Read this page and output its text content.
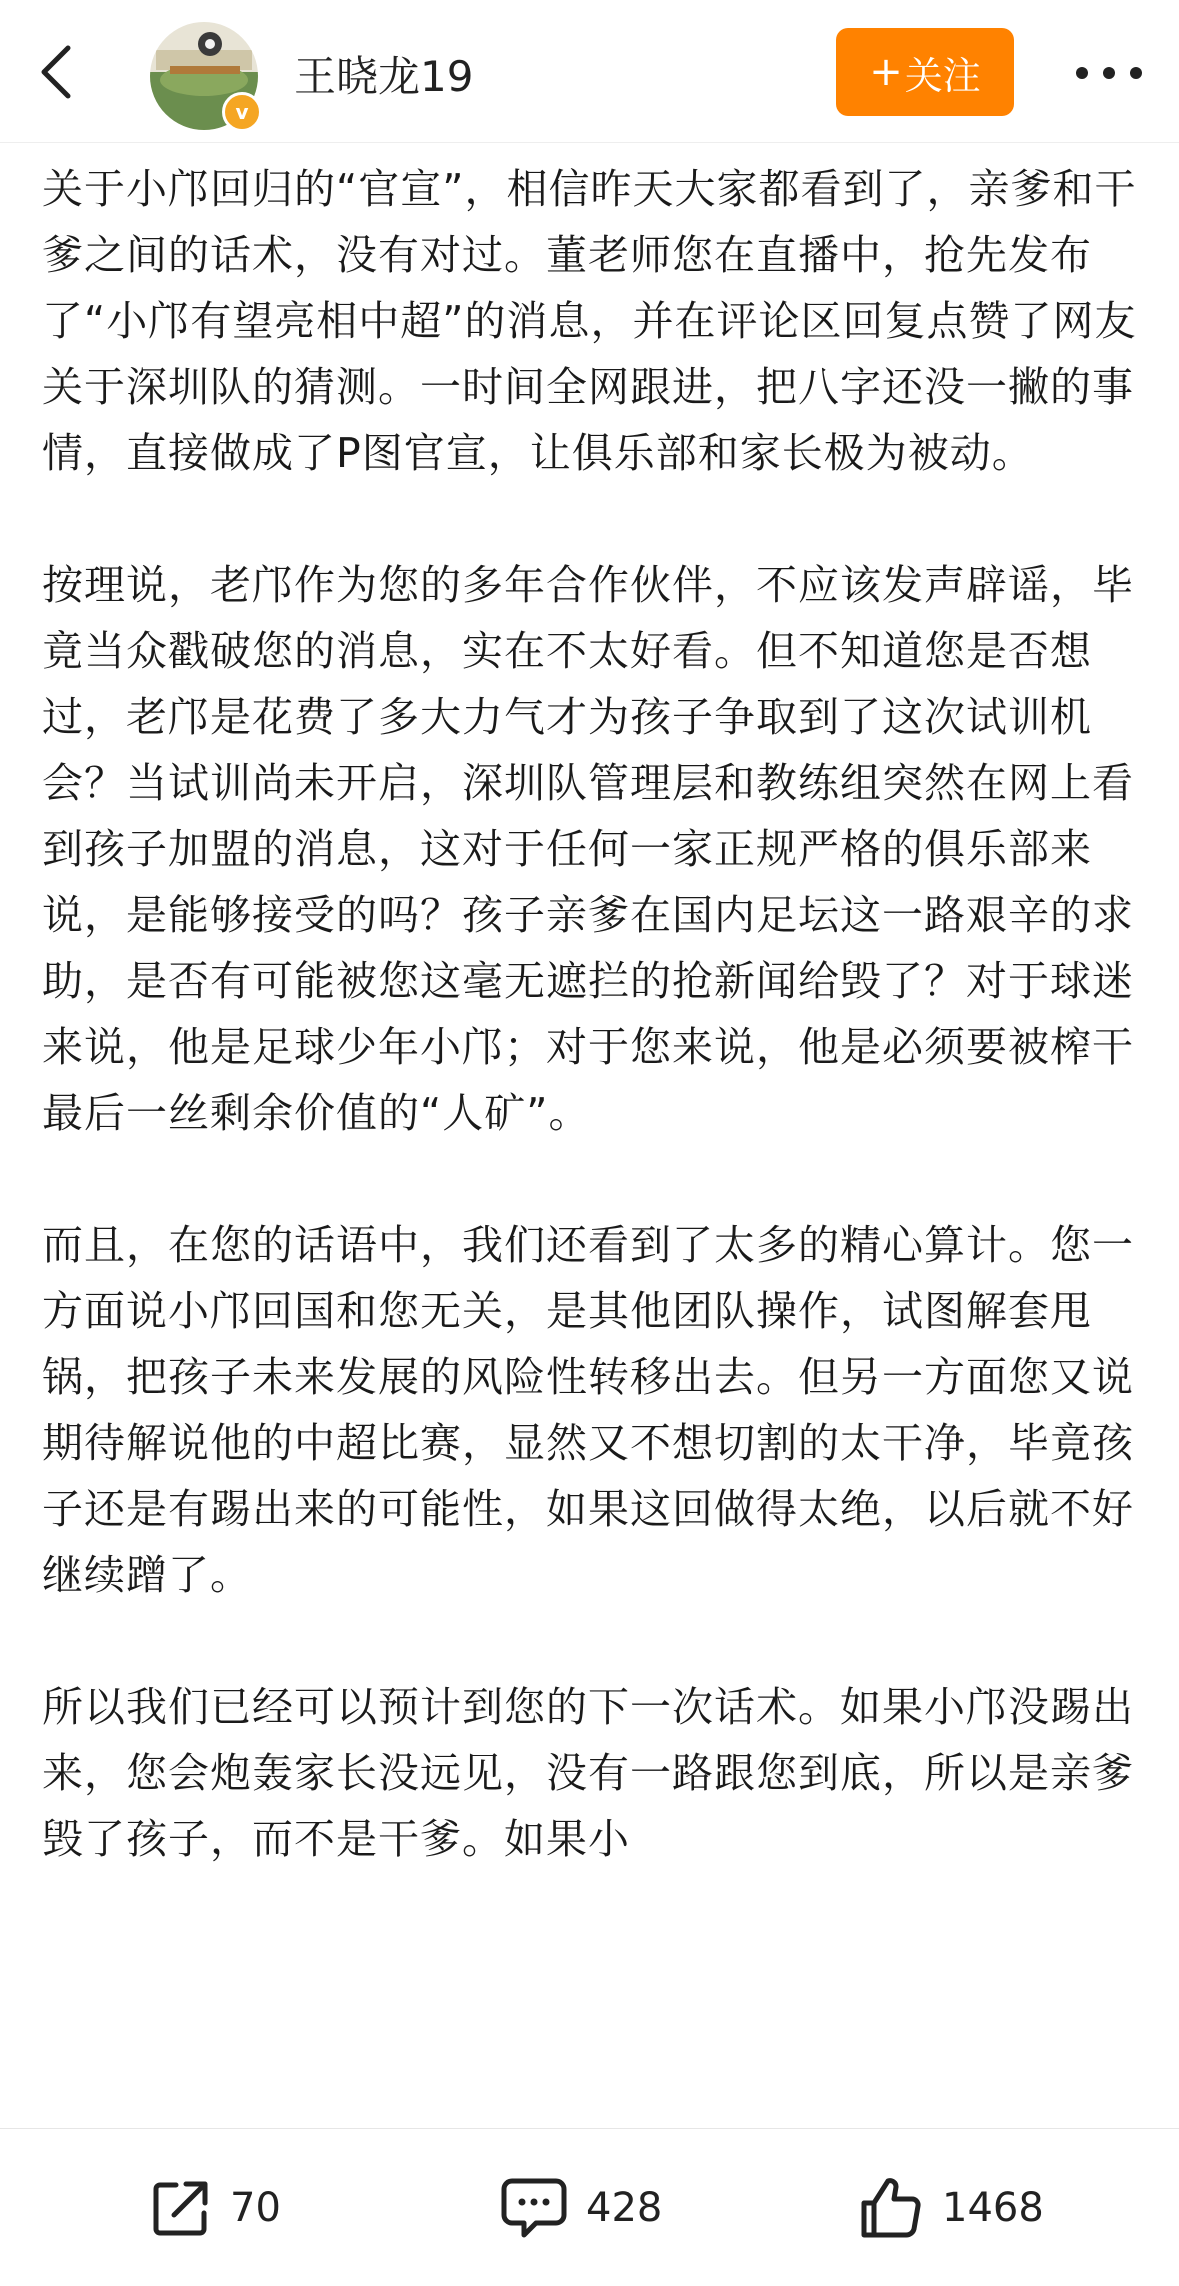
v
王晓龙19	+ 关注

关于小邝回归的“官宣”，相信昨天大家都看到了，亲爹和干爹之间的话术，没有对过。董老师您在直播中，抢先发布了“小邝有望亮相中超”的消息，并在评论区回复点赞了网友关于深圳队的猜测。一时间全网跟进，把八字还没一撇的事情，直接做成了P图官宣，让俱乐部和家长极为被动。

按理说，老邝作为您的多年合作伙伴，不应该发声辟谣，毕竟当众戳破您的消息，实在不太好看。但不知道您是否想过，老邝是花费了多大力气才为孩子争取到了这次试训机会？当试训尚未开启，深圳队管理层和教练组突然在网上看到孩子加盟的消息，这对于任何一家正规严格的俱乐部来说，是能够接受的吗？孩子亲爹在国内足坛这一路艰辛的求助，是否有可能被您这毫无遮拦的抢新闻给毁了？对于球迷来说，他是足球少年小邝；对于您来说，他是必须要被榨干最后一丝剩余价值的“人矿”。

而且，在您的话语中，我们还看到了太多的精心算计。您一方面说小邝回国和您无关，是其他团队操作，试图解套甩锅，把孩子未来发展的风险性转移出去。但另一方面您又说期待解说他的中超比赛，显然又不想切割的太干净，毕竟孩子还是有踢出来的可能性，如果这回做得太绝，以后就不好继续蹭了。

所以我们已经可以预计到您的下一次话术。如果小邝没踢出来，您会炮轰家长没远见，没有一路跟您到底，所以是亲爹毁了孩子，而不是干爹。如果小

70	428	1468
